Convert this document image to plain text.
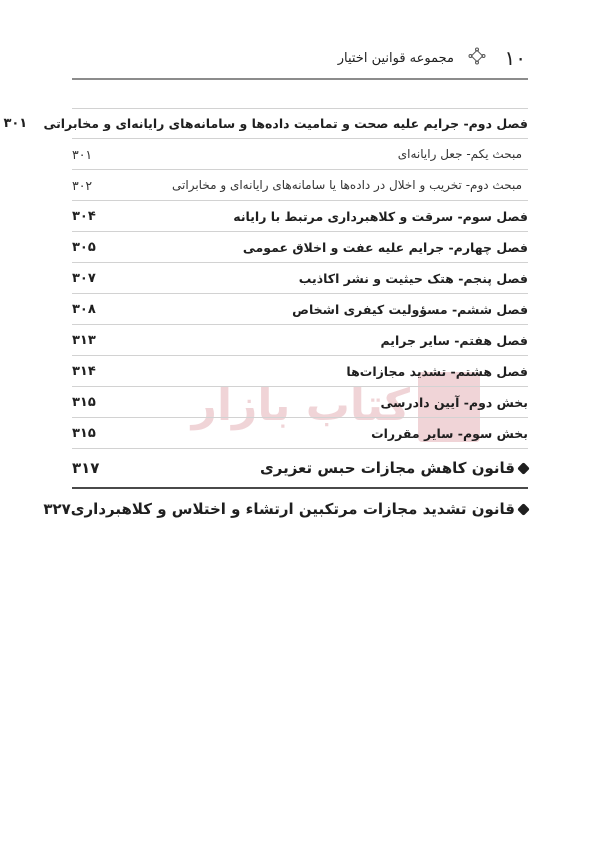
کتاب بازار
۱۰
مجموعه قوانین اختیار
فصل دوم- جرایم علیه صحت و تمامیت داده‌ها و سامانه‌های رایانه‌ای و مخابراتی
۳۰۱
مبحث یکم- جعل رایانه‌ای
۳۰۱
مبحث دوم- تخریب و اخلال در داده‌ها یا سامانه‌های رایانه‌ای و مخابراتی
۳۰۲
فصل سوم- سرقت و کلاهبرداری مرتبط با رایانه
۳۰۴
فصل چهارم- جرایم علیه عفت و اخلاق عمومی
۳۰۵
فصل پنجم- هتک حیثیت و نشر اکاذیب
۳۰۷
فصل ششم- مسؤولیت کیفری اشخاص
۳۰۸
فصل هفتم- سایر جرایم
۳۱۳
فصل هشتم- تشدید مجازات‌ها
۳۱۴
بخش دوم- آیین دادرسی
۳۱۵
بخش سوم- سایر مقررات
۳۱۵
قانون کاهش مجازات حبس تعزیری
۳۱۷
قانون تشدید مجازات مرتکبین ارتشاء و اختلاس و کلاهبرداری
۳۲۷
